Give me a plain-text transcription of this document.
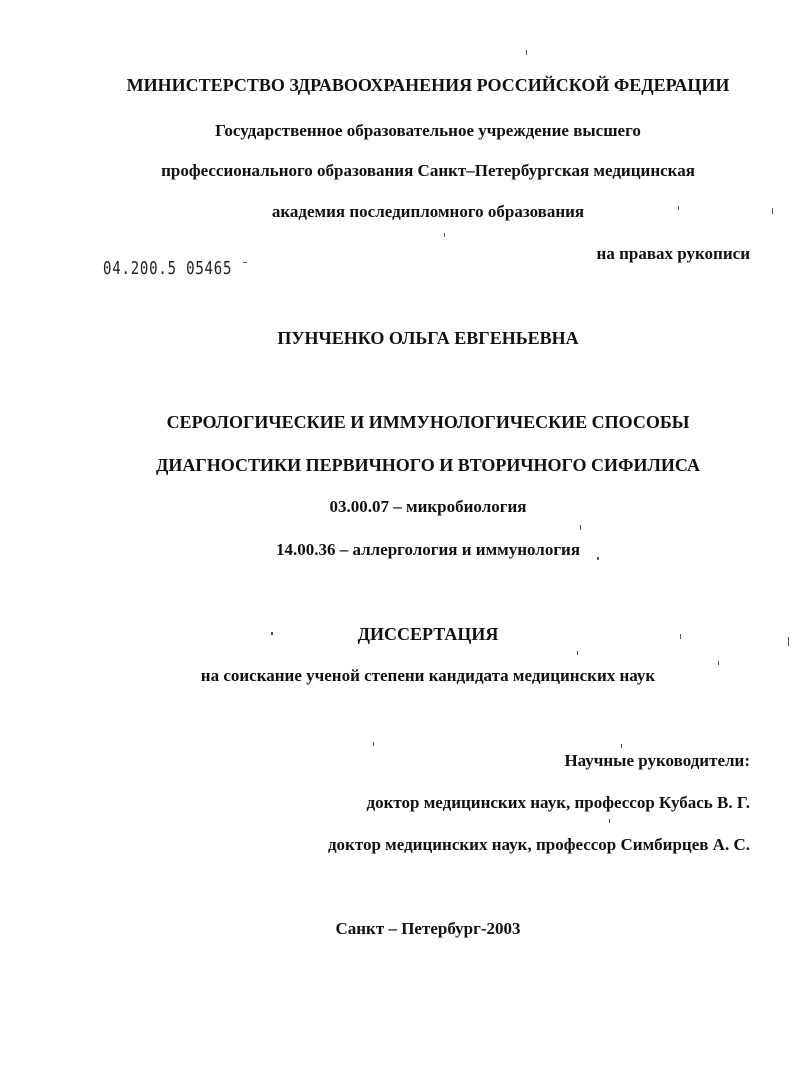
МИНИСТЕРСТВО ЗДРАВООХРАНЕНИЯ РОССИЙСКОЙ ФЕДЕРАЦИИ
Государственное образовательное учреждение высшего
профессионального образования Санкт–Петербургская медицинская
академия последипломного образования
04.200.5 05465
на правах рукописи
ПУНЧЕНКО ОЛЬГА ЕВГЕНЬЕВНА
СЕРОЛОГИЧЕСКИЕ И ИММУНОЛОГИЧЕСКИЕ СПОСОБЫ
ДИАГНОСТИКИ ПЕРВИЧНОГО И ВТОРИЧНОГО СИФИЛИСА
03.00.07 – микробиология
14.00.36 – аллергология и иммунология
ДИССЕРТАЦИЯ
на соискание ученой степени кандидата медицинских наук
Научные руководители:
доктор медицинских наук, профессор Кубась В. Г.
доктор медицинских наук, профессор Симбирцев А. С.
Санкт – Петербург-2003
